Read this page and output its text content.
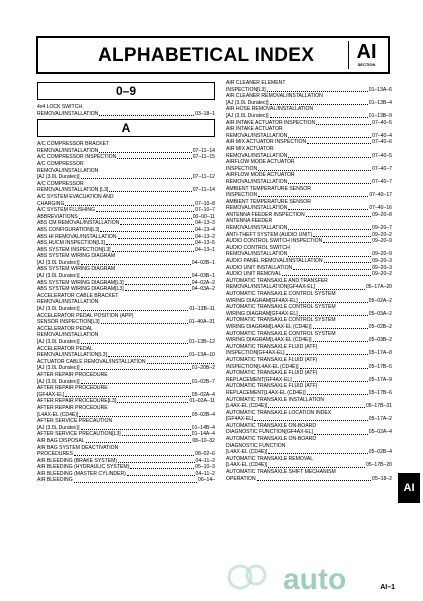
ALPHABETICAL INDEX	AI
SECTION
0–9
4x4 LOCK SWITCH
REMOVAL/INSTALLATION	03–18–1
A
A/C COMPRESSOR BRACKET
REMOVAL/INSTALLATION	07–11–14
A/C COMPRESSOR INSPECTION	07–11–15
A/C COMPRESSOR
REMOVAL/INSTALLATION
[AJ (3.0L Duratec)]	07–11–12
A/C COMPRESSOR
REMOVAL/INSTALLATION [L3]	07–11–14
A/C SYSTEM EVACUATION AND
CHARGING	07–10–8
A/C SYSTEM FLUSHING	07–10–7
ABBREVIATIONS	00–00–11
ABS CM REMOVAL/INSTALLATION	04–13–3
ABS CONFIGURATION[L3]	04–13–4
ABS HI REMOVAL/INSTALLATION	04–13–2
ABS HUCM INSPECTION[L3]	04–13–5
ABS SYSTEM INSPECTION[L3]	04–13–1
ABS SYSTEM WIRING DIAGRAM
[AJ (3.0L Duratec)]	04–02B–1
ABS SYSTEM WIRING DIAGRAM
[AJ (3.0L Duratec)]	04–03B–1
ABS SYSTEM WIRING DIAGRAM[L3]	04–02A–2
ABS SYSTEM WIRING DIAGRAM[L3]	04–03A–2
ACCELERATOR CABLE BRACKET
REMOVAL/INSTALLATION
[AJ (3.0L Duratec)]	01–13B–11
ACCELERATOR PEDAL POSITION (APP)
SENSOR INSPECTION[L3]	01–40A–31
ACCELERATOR PEDAL
REMOVAL/INSTALLATION
[AJ (3.0L Duratec)]	01–13B–12
ACCELERATOR PEDAL
REMOVAL/INSTALLATION[L3]	01–13A–10
ACTUATOR CABLE REMOVAL/INSTALLATION
[AJ (3.0L Duratec)]	01–20B–2
AFTER REPAIR PROCEDURE
[AJ (3.0L Duratec)]	01–02B–7
AFTER REPAIR PROCEDURE
[GF4AX-EL]	05–02A–4
AFTER REPAIR PROCEDURE[L3]	01–02A–11
AFTER REPAIR PROCEDURE
[L4AX-EL (CD4E)]	05–02B–4
AFTER SERVICE PRECAUTION
[AJ (3.0L Duratec)]	01–14B–4
AFTER SERVICE PRECAUTION[L3]	01–14A–4
AIR BAG DISPOSAL	08–10–32
AIR BAG SYSTEM DEACTIVATION
PROCEDURES	08–02–6
AIR BLEEDING (BRAKE SYSTEM)	04–11–2
AIR BLEEDING (HYDRAULIC SYSTEM)	05–10–3
AIR BLEEDING (MASTER CYLINDER)	04–11–2
AIR BLEEDING	06–14–
AIR CLEANER ELEMENT
INSPECTION[L3]	01–13A–6
AIR CLEANER REMOVAL/INSTALLATION
[AJ (3.0L Duratec)]	01–13B–4
AIR HOSE REMOVAL/INSTALLATION
[AJ (3.0L Duratec)]	01–13B–9
AIR INTAKE ACTUATOR INSPECTION	07–40–5
AIR INTAKE ACTUATOR
REMOVAL/INSTALLATION	07–40–4
AIR MIX ACTUATOR INSPECTION	07–40–6
AIR MIX ACTUATOR
REMOVAL/INSTALLATION	07–40–5
AIRFLOW MODE ACTUATOR
INSPECTION	07–40–7
AIRFLOW MODE ACTUATOR
REMOVAL/INSTALLATION	07–40–7
AMBIENT TEMPERATURE SENSOR
INSPECTION	07–40–17
AMBIENT TEMPERATURE SENSOR
REMOVAL/INSTALLATION	07–40–16
ANTENNA FEEDER INSPECTION	09–20–8
ANTENNA FEEDER
REMOVAL/INSTALLATION	09–20–7
ANTI-THEFT SYSTEM (AUDIO UNIT)	09–20–2
AUDIO CONTROL SWITCH INSPECTION	09–20–9
AUDIO CONTROL SWITCH
REMOVAL/INSTALLATION	09–20–9
AUDIO PANEL REMOVAL/INSTALLATION	09–20–3
AUDIO UNIT INSTALLATION	09–20–3
AUDIO UNIT REMOVAL	09–20–2
AUTOMATIC TRANSAXLE AND TRANSFER
REMOVAL/INSTALLATION[GF4AX-EL]	05–17A–20
AUTOMATIC TRANSAXLE CONTROL SYSTEM
WIRING DIAGRAM[GF4AX-EL]	05–02A–2
AUTOMATIC TRANSAXLE CONTROL SYSTEM
WIRING DIAGRAM[GF4AX-EL]	05–03A–2
AUTOMATIC TRANSAXLE CONTROL SYSTEM
WIRING DIAGRAM[L4AX-EL (CD4E)]	05–02B–2
AUTOMATIC TRANSAXLE CONTROL SYSTEM
WIRING DIAGRAM[L4AX-EL (CD4E)]	05–03B–2
AUTOMATIC TRANSAXLE FLUID (ATF)
INSPECTION[GF4AX-EL]	05–17A–8
AUTOMATIC TRANSAXLE FLUID (ATF)
INSPECTION[L4AX-EL (CD4E)]	05–17B–5
AUTOMATIC TRANSAXLE FLUID (ATF)
REPLACEMENT[GF4AX-EL]	05–17A–9
AUTOMATIC TRANSAXLE FLUID (ATF)
REPLACEMENT[L4AX-EL (CD4E)]	05–17B–6
AUTOMATIC TRANSAXLE INSTALLATION
[L4AX-EL (CD4E)]	05–17B–31
AUTOMATIC TRANSAXLE LOCATION INDEX
[GF4AX-EL]	05–17A–2
AUTOMATIC TRANSAXLE ON-BOARD
DIAGNOSTIC FUNCTION[GF4AX-EL]	05–02A–4
AUTOMATIC TRANSAXLE ON-BOARD
DIAGNOSTIC FUNCTION
[L4AX-EL (CD4E)]	05–02B–4
AUTOMATIC TRANSAXLE REMOVAL
[L4AX-EL (CD4E)]	05–17B–20
AUTOMATIC TRANSAXLE SHIFT MECHANISM
OPERATION	05–18–2
AI
auto	AI–1
